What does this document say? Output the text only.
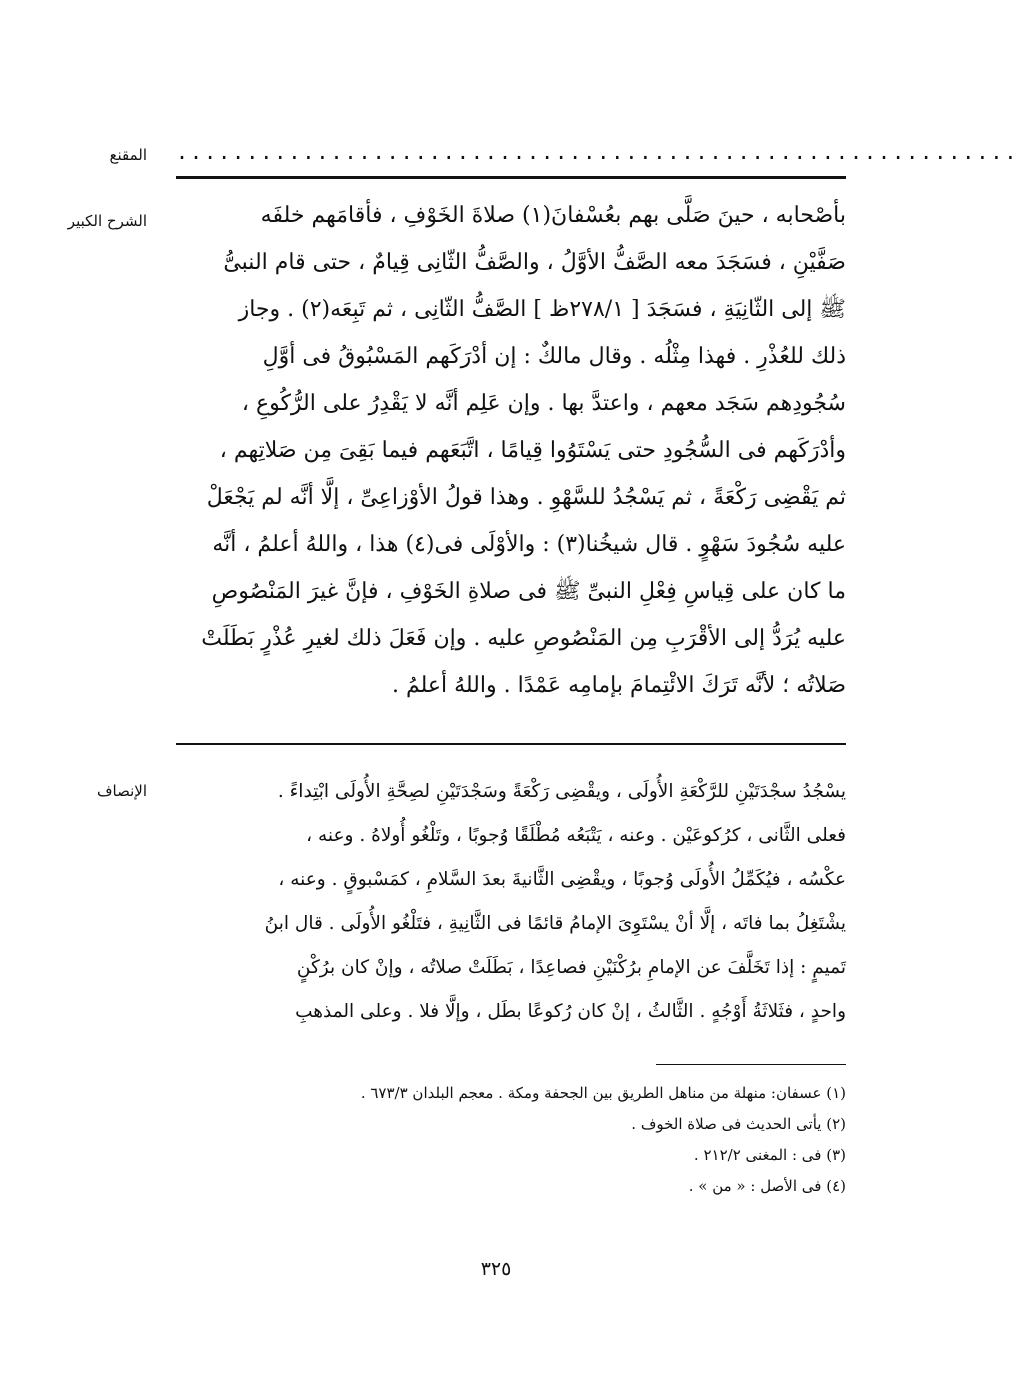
المقنع ............................................................
الشرح الكبير	بأصْحابه ، حينَ صَلَّى بهم بعُسْفانَ(١) صلاةَ الخَوْفِ ، فأقامَهم خلفَه

صَفَّيْنِ ، فسَجَدَ معه الصَّفُّ الأوَّلُ ، والصَّفُّ الثّانِى قِيامٌ ، حتى قام النبىُّ

ﷺ إلى الثّانِيَةِ ، فسَجَدَ [ ٢٧٨/١ظ ] الصَّفُّ الثّانِى ، ثم تَبِعَه(٢) . وجاز

ذلك للعُذْرِ . فهذا مِثْلُه . وقال مالكٌ : إن أدْرَكَهم المَسْبُوقُ فى أوَّلِ

سُجُودِهم سَجَد معهم ، واعتدَّ بها . وإن عَلِم أنَّه لا يَقْدِرُ على الرُّكُوعِ ،

وأدْرَكَهم فى السُّجُودِ حتى يَسْتَوُوا قِيامًا ، اتَّبَعَهم فيما بَقِىَ مِن صَلاتِهم ،

ثم يَقْضِى رَكْعَةً ، ثم يَسْجُدُ للسَّهْوِ . وهذا قولُ الأوْزاعِىِّ ، إلَّا أنَّه لم يَجْعَلْ

عليه سُجُودَ سَهْوٍ . قال شيخُنا(٣) : والأوْلَى فى(٤) هذا ، واللهُ أعلمُ ، أنَّه

ما كان على قِياسِ فِعْلِ النبىِّ ﷺ فى صلاةِ الخَوْفِ ، فإنَّ غيرَ المَنْصُوصِ

عليه يُرَدُّ إلى الأقْرَبِ مِن المَنْصُوصِ عليه . وإن فَعَلَ ذلك لغيرِ عُذْرٍ بَطَلَتْ

صَلاتُه ؛ لأنَّه تَرَكَ الائْتِمامَ بإمامِه عَمْدًا . واللهُ أعلمُ .

الإنصاف	يسْجُدُ سجْدَتَيْنِ للرَّكْعَةِ الأُولَى ، ويقْضِى رَكْعَةً وسَجْدَتَيْنِ لصِحَّةِ الأُولَى ابْتِداءً .

فعلى الثَّانى ، كرُكوعَيْن . وعنه ، يَتْبَعُه مُطْلَقًا وُجوبًا ، وتَلْغُو أُولاهُ . وعنه ،

عكْسُه ، فيُكَمِّلُ الأُولَى وُجوبًا ، ويقْضِى الثَّانيةَ بعدَ السَّلامِ ، كمَسْبوقٍ . وعنه ،

يشْتَغِلُ بما فاتَه ، إلَّا أنْ يسْتَوِىَ الإمامُ قائمًا فى الثَّانِيةِ ، فتَلْغُو الأُولَى . قال ابنُ

تَميمٍ : إذا تَخَلَّفَ عن الإمامِ برُكْنَيْنِ فصاعِدًا ، بَطَلَتْ صلاتُه ، وإنْ كان برُكْنٍ

واحدٍ ، فثَلاثَةُ أَوْجُهٍ . الثَّالثُ ، إنْ كان رُكوعًا بطَل ، وإلَّا فلا . وعلى المذهبِ

(١) عسفان: منهلة من مناهل الطريق بين الجحفة ومكة . معجم البلدان ٦٧٣/٣ .

(٢) يأتى الحديث فى صلاة الخوف .

(٣) فى : المغنى ٢١٢/٢ .

(٤) فى الأصل : « من » .

٣٢٥
